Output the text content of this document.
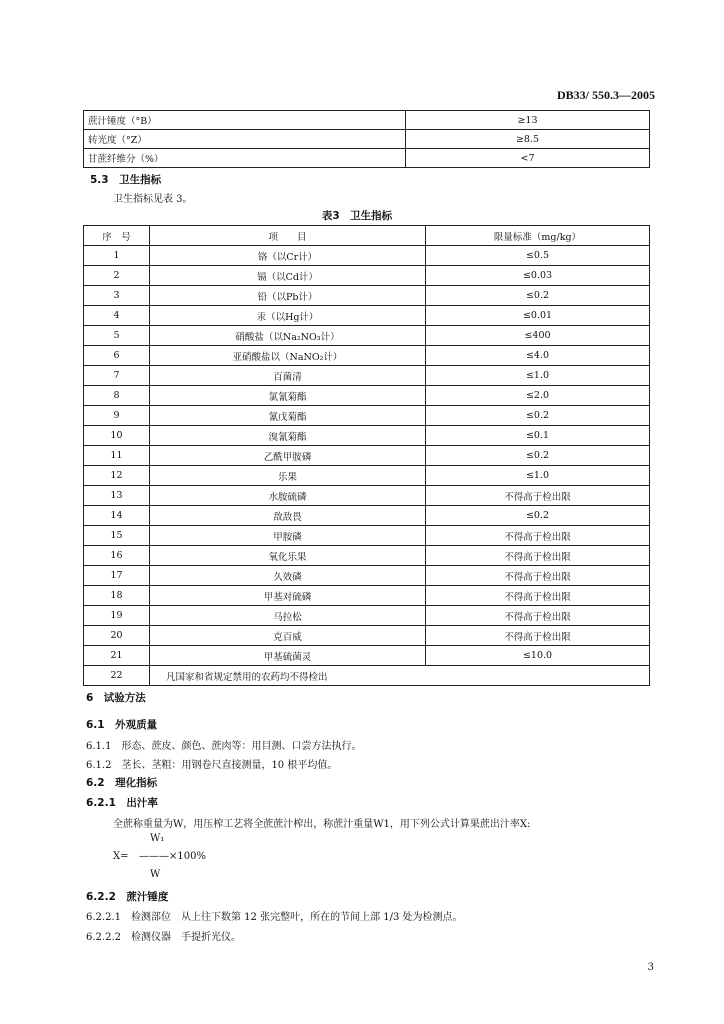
DB33/ 550.3—2005
蔗汁锤度（°B）	≥13
转光度（°Z）	≥8.5
甘蔗纤维分（%）	<7
5.3　卫生指标
卫生指标见表 3。
表3　卫生指标
序　号	项　　目	限量标准（mg/kg）
1	铬（以Cr计）	≤0.5
2	镉（以Cd计）	≤0.03
3	铅（以Pb计）	≤0.2
4	汞（以Hg计）	≤0.01
5	硝酸盐（以Na₂NO₃计）	≤400
6	亚硝酸盐以（NaNO₂计）	≤4.0
7	百菌清	≤1.0
8	氯氰菊酯	≤2.0
9	氰戊菊酯	≤0.2
10	溴氰菊酯	≤0.1
11	乙酰甲胺磷	≤0.2
12	乐果	≤1.0
13	水胺硫磷	不得高于检出限
14	敌敌畏	≤0.2
15	甲胺磷	不得高于检出限
16	氧化乐果	不得高于检出限
17	久效磷	不得高于检出限
18	甲基对硫磷	不得高于检出限
19	马拉松	不得高于检出限
20	克百威	不得高于检出限
21	甲基硫菌灵	≤10.0
22	凡国家和省规定禁用的农药均不得检出	
6　试验方法
6.1　外观质量
6.1.1　形态、蔗皮、颜色、蔗肉等：用目测、口尝方法执行。
6.1.2　茎长、茎粗：用钢卷尺直接测量，10 根平均值。
6.2　理化指标
6.2.1　出汁率
全蔗称重量为W，用压榨工艺将全蔗蔗汁榨出，称蔗汁重量W1，用下列公式计算果蔗出汁率X:
W₁
X= ———×100%
W
6.2.2　蔗汁锤度
6.2.2.1　检测部位　从上往下数第 12 张完整叶，所在的节间上部 1/3 处为检测点。
6.2.2.2　检测仪器　手提折光仪。
3
